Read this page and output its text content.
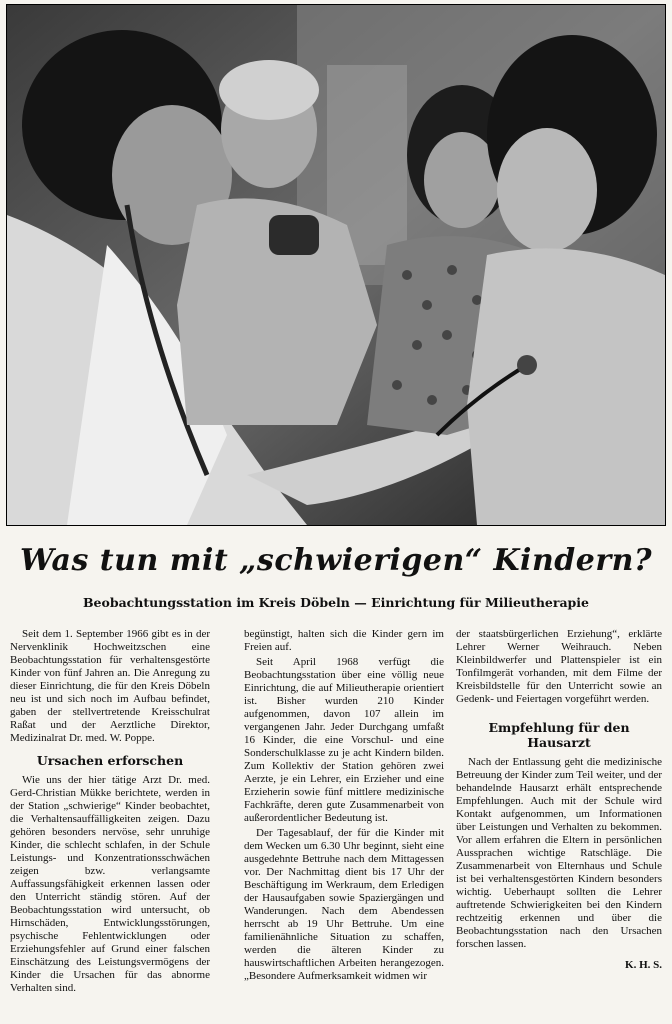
Was tun mit „schwierigen“ Kindern?
Beobachtungsstation im Kreis Döbeln — Einrichtung für Milieutherapie

Seit dem 1. September 1966 gibt es in der Nervenklinik Hochweitzschen eine Beobachtungsstation für verhaltensgestörte Kinder von fünf Jahren an. Die Anregung zu dieser Einrichtung, die für den Kreis Döbeln neu ist und sich noch im Aufbau befindet, gaben der stellvertretende Kreisschulrat Raßat und der Aerztliche Direktor, Medizinalrat Dr. med. W. Poppe.

Ursachen erforschen

Wie uns der hier tätige Arzt Dr. med. Gerd-Christian Mükke berichtete, werden in der Station „schwierige“ Kinder beobachtet, die Verhaltensauffälligkeiten zeigen. Dazu gehören besonders nervöse, sehr unruhige Kinder, die schlecht schlafen, in der Schule Leistungs- und Konzentrationsschwächen zeigen bzw. verlangsamte Auffassungsfähigkeit erkennen lassen oder den Unterricht ständig stören. Auf der Beobachtungsstation wird untersucht, ob Hirnschäden, Entwicklungsstörungen, psychische Fehlentwicklungen oder Erziehungsfehler auf Grund einer falschen Einschätzung des Leistungsvermögens der Kinder die Ursachen für das abnorme Verhalten sind.

begünstigt, halten sich die Kinder gern im Freien auf.

Seit April 1968 verfügt die Beobachtungsstation über eine völlig neue Einrichtung, die auf Milieutherapie orientiert ist. Bisher wurden 210 Kinder aufgenommen, davon 107 allein im vergangenen Jahr. Jeder Durchgang umfaßt 16 Kinder, die eine Vorschul- und eine Sonderschulklasse zu je acht Kindern bilden. Zum Kollektiv der Station gehören zwei Aerzte, je ein Lehrer, ein Erzieher und eine Erzieherin sowie fünf mittlere medizinische Fachkräfte, deren gute Zusammenarbeit von außerordentlicher Bedeutung ist.

Der Tagesablauf, der für die Kinder mit dem Wecken um 6.30 Uhr beginnt, sieht eine ausgedehnte Bettruhe nach dem Mittagessen vor. Der Nachmittag dient bis 17 Uhr der Beschäftigung im Werkraum, dem Erledigen der Hausaufgaben sowie Spaziergängen und Wanderungen. Nach dem Abendessen herrscht ab 19 Uhr Bettruhe. Um eine familienähnliche Situation zu schaffen, werden die älteren Kinder zu hauswirtschaftlichen Arbeiten herangezogen. „Besondere Aufmerksamkeit widmen wir

der staatsbürgerlichen Erziehung“, erklärte Lehrer Werner Weihrauch. Neben Kleinbildwerfer und Plattenspieler ist ein Tonfilmgerät vorhanden, mit dem Filme der Kreisbildstelle für den Unterricht sowie an Gedenk- und Feiertagen vorgeführt werden.

Empfehlung für den Hausarzt

Nach der Entlassung geht die medizinische Betreuung der Kinder zum Teil weiter, und der behandelnde Hausarzt erhält entsprechende Empfehlungen. Auch mit der Schule wird Kontakt aufgenommen, um Informationen über Leistungen und Verhalten zu bekommen. Vor allem erfahren die Eltern in persönlichen Aussprachen wichtige Ratschläge. Die Zusammenarbeit von Elternhaus und Schule ist bei verhaltensgestörten Kindern besonders wichtig. Ueberhaupt sollten die Lehrer auftretende Schwierigkeiten bei den Kindern rechtzeitig erkennen und über die Beobachtungsstation nach den Ursachen forschen lassen.

K. H. S.
